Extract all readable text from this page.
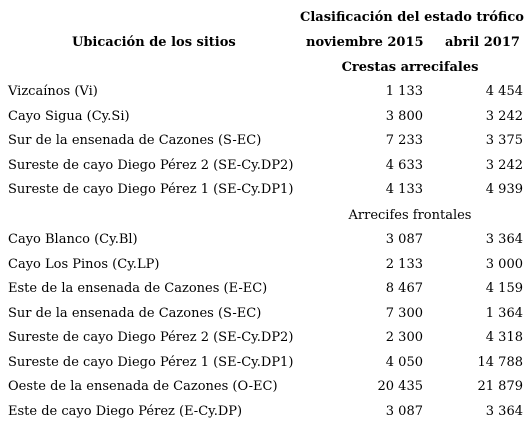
Clasificación del estado trófico
Ubicación de los sitios	noviembre 2015 abril 2017
Crestas arrecifales
Vizcaínos (Vi)	1 133	4 454
Cayo Sigua (Cy.Si)	3 800	3 242
Sur de la ensenada de Cazones (S-EC)	7 233	3 375
Sureste de cayo Diego Pérez 2 (SE-Cy.DP2)	4 633	3 242
Sureste de cayo Diego Pérez 1 (SE-Cy.DP1)	4 133	4 939
Arrecifes frontales
Cayo Blanco (Cy.Bl)	3 087	3 364
Cayo Los Pinos (Cy.LP)	2 133	3 000
Este de la ensenada de Cazones (E-EC)	8 467	4 159
Sur de la ensenada de Cazones (S-EC)	7 300	1 364
Sureste de cayo Diego Pérez 2 (SE-Cy.DP2)	2 300	4 318
Sureste de cayo Diego Pérez 1 (SE-Cy.DP1)	4 050	14 788
Oeste de la ensenada de Cazones (O-EC)	20 435	21 879
Este de cayo Diego Pérez (E-Cy.DP)	3 087	3 364
